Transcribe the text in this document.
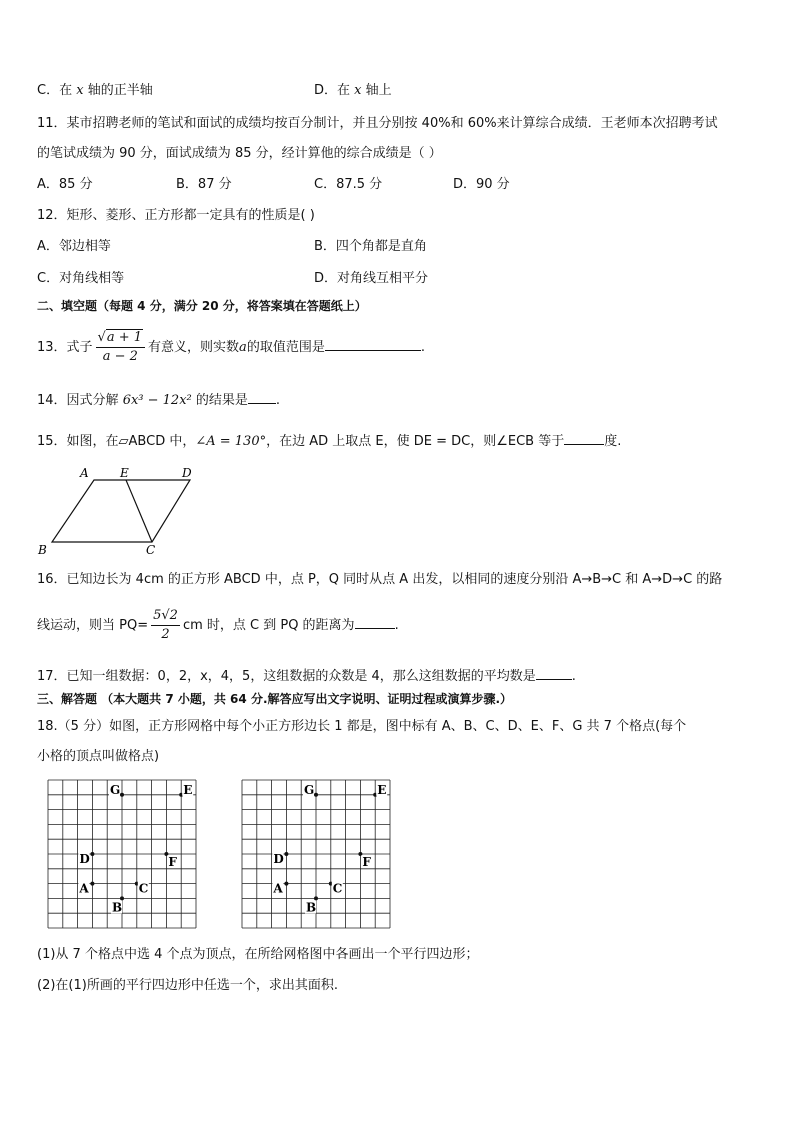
C．在 x 轴的正半轴	D．在 x 轴上
11．某市招聘老师的笔试和面试的成绩均按百分制计，并且分别按 40%和 60%来计算综合成绩．王老师本次招聘考试
的笔试成绩为 90 分，面试成绩为 85 分，经计算他的综合成绩是（ ）
A．85 分	B．87 分	C．87.5 分	D．90 分
12．矩形、菱形、正方形都一定具有的性质是( )
A．邻边相等	B．四个角都是直角
C．对角线相等	D．对角线互相平分
二、填空题（每题 4 分，满分 20 分，将答案填在答题纸上）
13．式子 $\frac{√a + 1}{a - 2}$ 有意义，则实数a的取值范围是	.
14．因式分解 6x³ − 12x² 的结果是 .
15．如图，在▱ABCD 中，∠A = 130°，在边 AD 上取点 E，使 DE = DC，则∠ECB 等于	度.
A	E	D
B	C
16．已知边长为 4cm 的正方形 ABCD 中，点 P，Q 同时从点 A 出发，以相同的速度分别沿 A→B→C 和 A→D→C 的路
线运动，则当 $PQ= \frac{5√2}{2}$ cm 时，点 C 到 PQ 的距离为	.
17．已知一组数据：0，2，x，4，5，这组数据的众数是 4，那么这组数据的平均数是	.
三、解答题 （本大题共 7 小题，共 64 分.解答应写出文字说明、证明过程或演算步骤.）
18.（5 分）如图，正方形网格中每个小正方形边长 1 都是，图中标有 A、B、C、D、E、F、G 共 7 个格点(每个
小格的顶点叫做格点)
G	E
D	F
A	C
B
G	E
D	F
A	C
B
(1)从 7 个格点中选 4 个点为顶点，在所给网格图中各画出一个平行四边形；
(2)在(1)所画的平行四边形中任选一个，求出其面积.
